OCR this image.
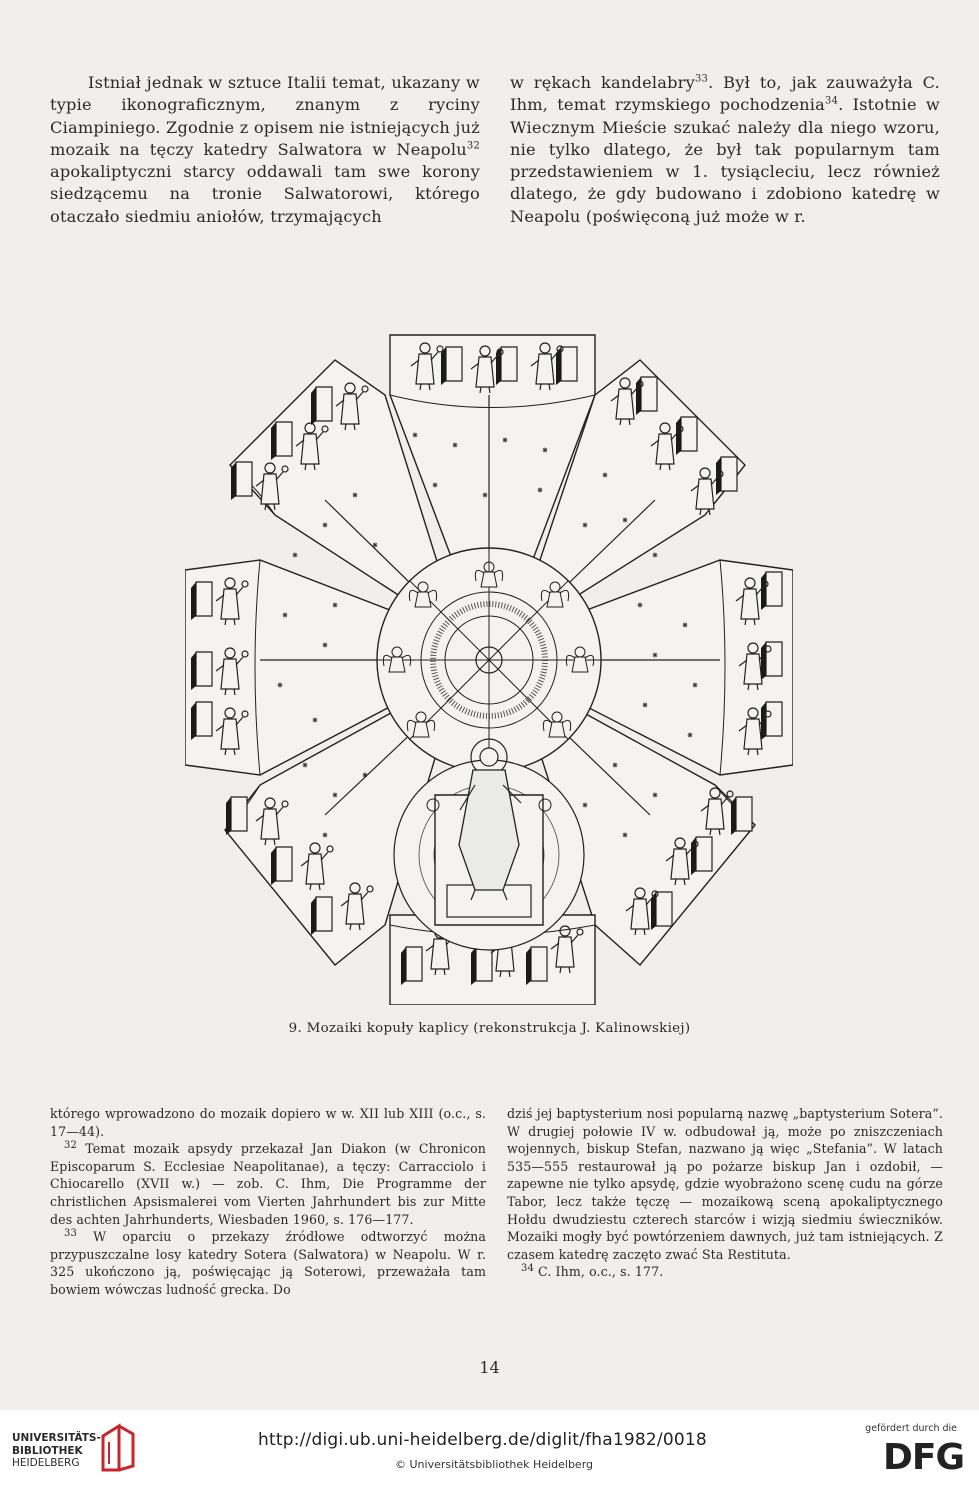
Istniał jednak w sztuce Italii temat, ukazany w typie ikonograficznym, znanym z ryciny Ciampiniego. Zgodnie z opisem nie istniejących już mozaik na tęczy katedry Salwatora w Neapolu$^{32}$ apokaliptyczni starcy oddawali tam swe korony siedzącemu na tronie Salwatorowi, którego otaczało siedmiu aniołów, trzymających

w rękach kandelabry$^{33}$. Był to, jak zauważyła C. Ihm, temat rzymskiego pochodzenia$^{34}$. Istotnie w Wiecznym Mieście szukać należy dla niego wzoru, nie tylko dlatego, że był tak popularnym tam przedstawieniem w 1. tysiącleciu, lecz również dlatego, że gdy budowano i zdobiono katedrę w Neapolu (poświęconą już może w r.

9. Mozaiki kopuły kaplicy (rekonstrukcja J. Kalinowskiej)

którego wprowadzono do mozaik dopiero w w. XII lub XIII (o.c., s. 17—44).

$^{32}$ Temat mozaik apsydy przekazał Jan Diakon (w Chronicon Episcoparum S. Ecclesiae Neapolitanae), a tęczy: Carracciolo i Chiocarello (XVII w.) — zob. C. Ihm, Die Programme der christlichen Apsismalerei vom Vierten Jahrhundert bis zur Mitte des achten Jahrhunderts, Wiesbaden 1960, s. 176—177.

$^{33}$ W oparciu o przekazy źródłowe odtworzyć można przypuszczalne losy katedry Sotera (Salwatora) w Neapolu. W r. 325 ukończono ją, poświęcając ją Soterowi, przeważała tam bowiem wówczas ludność grecka. Do

dziś jej baptysterium nosi popularną nazwę „baptysterium Sotera”. W drugiej połowie IV w. odbudował ją, może po zniszczeniach wojennych, biskup Stefan, nazwano ją więc „Stefania”. W latach 535—555 restaurował ją po pożarze biskup Jan i ozdobił, — zapewne nie tylko apsydę, gdzie wyobrażono scenę cudu na górze Tabor, lecz także tęczę — mozaikową sceną apokaliptycznego Hołdu dwudziestu czterech starców i wizją siedmiu świeczników. Mozaiki mogły być powtórzeniem dawnych, już tam istniejących. Z czasem katedrę zaczęto zwać Sta Restituta.

$^{34}$ C. Ihm, o.c., s. 177.

14
UNIVERSITÄTS-
BIBLIOTHEK
HEIDELBERG
http://digi.ub.uni-heidelberg.de/diglit/fha1982/0018
© Universitätsbibliothek Heidelberg
gefördert durch die
DFG
